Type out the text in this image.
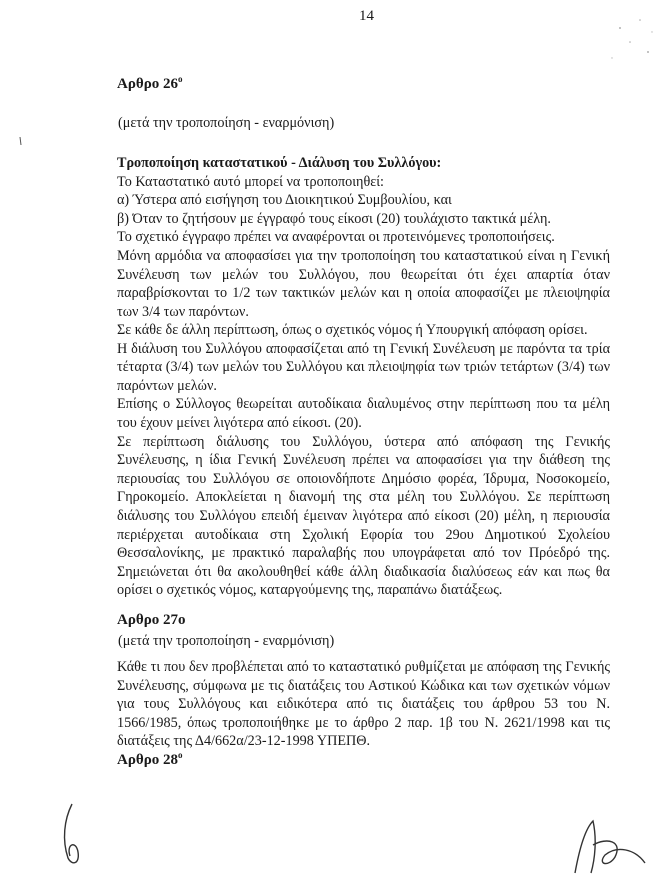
14
Αρθρο $26^o$
(μετά την τροποποίηση - εναρμόνιση)

Τροποποίηση καταστατικού - Διάλυση του Συλλόγου:

Το Καταστατικό αυτό μπορεί να τροποποιηθεί:

α) Ύστερα από εισήγηση του Διοικητικού Συμβουλίου, και

β) Όταν το ζητήσουν με έγγραφό τους είκοσι (20) τουλάχιστο τακτικά μέλη.

Το σχετικό έγγραφο πρέπει να αναφέρονται οι προτεινόμενες τροποποιήσεις.

Μόνη αρμόδια να αποφασίσει για την τροποποίηση του καταστατικού είναι η Γενική Συνέλευση των μελών του Συλλόγου, που θεωρείται ότι έχει απαρτία όταν παραβρίσκονται το 1/2 των τακτικών μελών και η οποία αποφασίζει με πλειοψηφία των 3/4 των παρόντων.

Σε κάθε δε άλλη περίπτωση, όπως ο σχετικός νόμος ή Υπουργική απόφαση ορίσει.

Η διάλυση του Συλλόγου αποφασίζεται από τη Γενική Συνέλευση με παρόντα τα τρία τέταρτα (3/4) των μελών του Συλλόγου και πλειοψηφία των τριών τετάρτων (3/4) των παρόντων μελών.

Επίσης ο Σύλλογος θεωρείται αυτοδίκαια διαλυμένος στην περίπτωση που τα μέλη του έχουν μείνει λιγότερα από είκοσι. (20).

Σε περίπτωση διάλυσης του Συλλόγου, ύστερα από απόφαση της Γενικής Συνέλευσης, η ίδια Γενική Συνέλευση πρέπει να αποφασίσει για την διάθεση της περιουσίας του Συλλόγου σε οποιονδήποτε Δημόσιο φορέα, Ίδρυμα, Νοσοκομείο, Γηροκομείο. Αποκλείεται η διανομή της στα μέλη του Συλλόγου. Σε περίπτωση διάλυσης του Συλλόγου επειδή έμειναν λιγότερα από είκοσι (20) μέλη, η περιουσία περιέρχεται αυτοδίκαια στη Σχολική Εφορία του 29ου Δημοτικού Σχολείου Θεσσαλονίκης, με πρακτικό παραλαβής που υπογράφεται από τον Πρόεδρό της. Σημειώνεται ότι θα ακολουθηθεί κάθε άλλη διαδικασία διαλύσεως εάν και πως θα ορίσει ο σχετικός νόμος, καταργούμενης της, παραπάνω διατάξεως.

Αρθρο 27ο
(μετά την τροποποίηση - εναρμόνιση)

Κάθε τι που δεν προβλέπεται από το καταστατικό ρυθμίζεται με απόφαση της Γενικής Συνέλευσης, σύμφωνα με τις διατάξεις του Αστικού Κώδικα και των σχετικών νόμων για τους Συλλόγους και ειδικότερα από τις διατάξεις του άρθρου 53 του Ν. 1566/1985, όπως τροποποιήθηκε με το άρθρο 2 παρ. 1β του Ν. 2621/1998 και τις διατάξεις της Δ4/662α/23-12-1998 ΥΠΕΠΘ.

Αρθρο $28^o$
